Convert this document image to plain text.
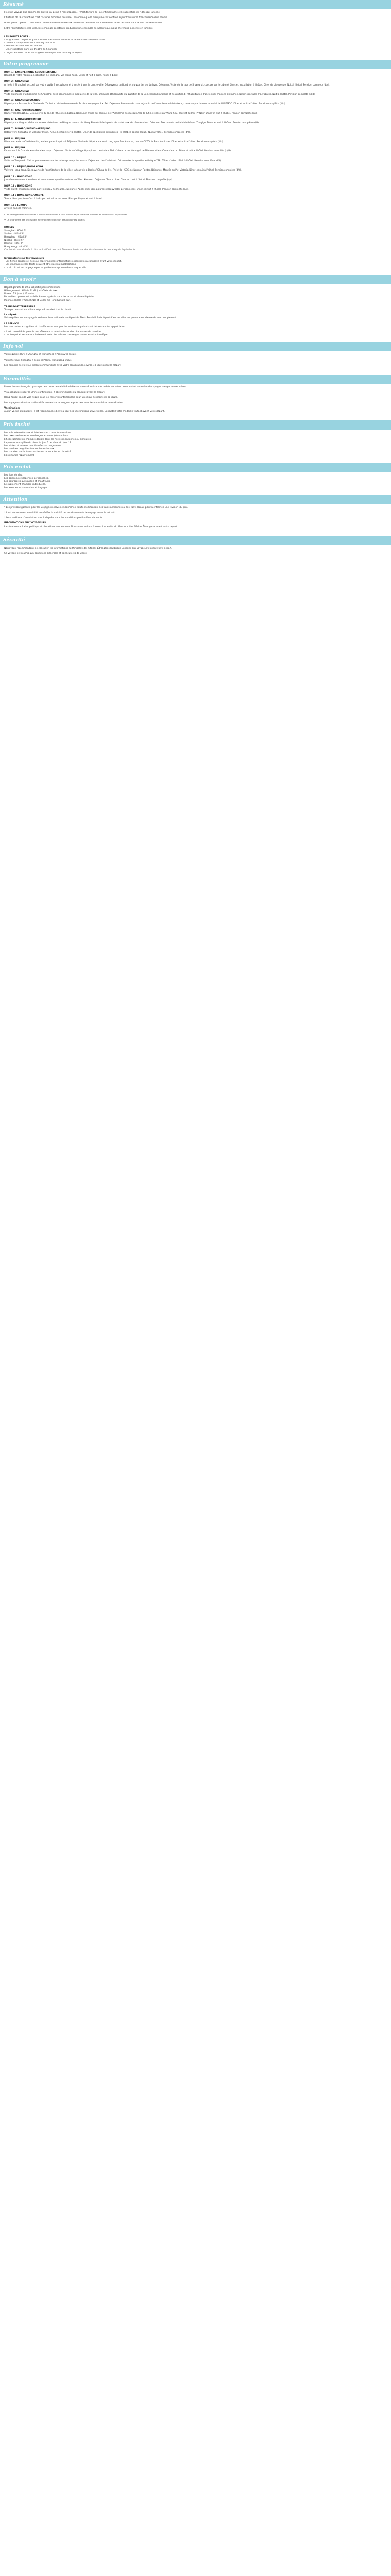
Résumé
Il est un voyage que comme les autres j'ai peine à me proposer... l'Architecture de la sentimentalité et l'élaboration de l'idée qui la fonde.
L'histoire de l'Architecture n'est pas une discipline nouvelle... Il semble que la discipline soit centrée aujourd'hui sur la transmission d'un savoir.
Notre préoccupation... comment l'architecture se réfère aux questions de forme, de mouvement et de l'espace dans la ville contemporaine.
Entre l'architecture et la ville, les échanges constants produisent un ensemble de valeurs que nous cherchons à mettre en lumière.
LES POINTS FORTS :
- Programme complet et ponctué avec des visites de sites et de bâtiments remarquables
- Guides francophones tout au long du circuit
- Rencontres avec des architectes
- Dîner spectacle dans un théâtre de Shanghai
- Dégustation de thé et repas gastronomiques tout au long du séjour
Votre programme
JOUR 1 : EUROPE/HONG KONG/SHANGHAI
Départ de votre région à destination de Shanghai via Hong Kong. Dîner et nuit à bord. Repas à bord.
JOUR 2 : SHANGHAI
Arrivée à Shanghai, accueil par votre guide francophone et transfert vers le centre-ville. Découverte du Bund et du quartier de Lujiazui. Déjeuner. Visite de la tour de Shanghai, conçue par le cabinet Gensler. Installation à l'hôtel. Dîner de bienvenue. Nuit à l'hôtel. Pension complète (d/d).
JOUR 3 : SHANGHAI
Visite du musée d'urbanisme de Shanghai avec son immense maquette de la ville. Déjeuner. Découverte du quartier de la Concession Française et de Xintiandi, réhabilitation d'anciennes maisons shikumen. Dîner spectacle d'acrobates. Nuit à l'hôtel. Pension complète (d/d).
JOUR 4 : SHANGHAI/SUZHOU
Départ pour Suzhou, la « Venise de l'Orient ». Visite du musée de Suzhou conçu par I.M. Pei. Déjeuner. Promenade dans le Jardin de l'Humble Administrateur, classé au patrimoine mondial de l'UNESCO. Dîner et nuit à l'hôtel. Pension complète (d/d).
JOUR 5 : SUZHOU/HANGZHOU
Route vers Hangzhou. Découverte du lac de l'Ouest en bateau. Déjeuner. Visite du campus de l'Académie des Beaux-Arts de Chine réalisé par Wang Shu, lauréat du Prix Pritzker. Dîner et nuit à l'hôtel. Pension complète (d/d).
JOUR 6 : HANGZHOU/NINGBO
Départ pour Ningbo. Visite du musée historique de Ningbo, œuvre de Wang Shu réalisée à partir de matériaux de récupération. Déjeuner. Découverte de la bibliothèque Tianyige. Dîner et nuit à l'hôtel. Pension complète (d/d).
JOUR 7 : NINGBO/SHANGHAI/BEIJING
Retour vers Shanghai et vol pour Pékin. Accueil et transfert à l'hôtel. Dîner de spécialités pékinoises : le célèbre canard laqué. Nuit à l'hôtel. Pension complète (d/d).
JOUR 8 : BEIJING
Découverte de la Cité Interdite, ancien palais impérial. Déjeuner. Visite de l'Opéra national conçu par Paul Andreu, puis du CCTV de Rem Koolhaas. Dîner et nuit à l'hôtel. Pension complète (d/d).
JOUR 9 : BEIJING
Excursion à la Grande Muraille à Mutianyu. Déjeuner. Visite du Village Olympique : le stade « Nid d'oiseau » de Herzog & de Meuron et le « Cube d'eau ». Dîner et nuit à l'hôtel. Pension complète (d/d).
JOUR 10 : BEIJING
Visite du Temple du Ciel et promenade dans les hutongs en cyclo-pousse. Déjeuner chez l'habitant. Découverte du quartier artistique 798. Dîner d'adieu. Nuit à l'hôtel. Pension complète (d/d).
JOUR 11 : BEIJING/HONG KONG
Vol vers Hong Kong. Découverte de l'architecture de la ville : la tour de la Bank of China de I.M. Pei et la HSBC de Norman Foster. Déjeuner. Montée au Pic Victoria. Dîner et nuit à l'hôtel. Pension complète (d/d).
JOUR 12 : HONG KONG
Journée consacrée à Kowloon et au nouveau quartier culturel de West Kowloon. Déjeuner. Temps libre. Dîner et nuit à l'hôtel. Pension complète (d/d).
JOUR 13 : HONG KONG
Visite du M+ Museum conçu par Herzog & de Meuron. Déjeuner. Après-midi libre pour les découvertes personnelles. Dîner et nuit à l'hôtel. Pension complète (d/d).
JOUR 14 : HONG KONG/EUROPE
Temps libre puis transfert à l'aéroport et vol retour vers l'Europe. Repas et nuit à bord.
JOUR 15 : EUROPE
Arrivée dans la matinée.
* Les hébergements mentionnés ci-dessus sont donnés à titre indicatif et peuvent être modifiés en fonction des disponibilités.
** Le programme des visites peut être modifié en fonction des contraintes locales.
HÔTELS
Shanghai : Hôtel 5*
Suzhou : Hôtel 5*
Hangzhou : Hôtel 5*
Ningbo : Hôtel 5*
Beijing : Hôtel 5*
Hong Kong : Hôtel 5*
Ces hôtels sont donnés à titre indicatif et pourront être remplacés par des établissements de catégorie équivalente.
Informations sur les voyageurs
- Les fiches conseils ci-dessous reprennent les informations essentielles à connaître avant votre départ.
- Les itinéraires et les tarifs peuvent être sujets à modifications.
- Le circuit est accompagné par un guide francophone dans chaque ville.
Bon à savoir
Départ garanti de 10 à 18 participants maximum.
Hébergement : Hôtels 5* (NL) et hôtels de luxe.
Durée : 15 jours / 13 nuits.
Formalités : passeport valable 6 mois après la date de retour et visa obligatoire.
Monnaie locale : Yuan (CNY) et Dollar de Hong Kong (HKD).
TRANSPORT TERRESTRE
Transport en autocar climatisé privé pendant tout le circuit.
Le départ
Vols réguliers sur compagnie aérienne internationale au départ de Paris. Possibilité de départ d'autres villes de province sur demande avec supplément.
LE SERVICE
Les pourboires aux guides et chauffeurs ne sont pas inclus dans le prix et sont laissés à votre appréciation.
- Il est conseillé de prévoir des vêtements confortables et des chaussures de marche.
- Les températures varient fortement selon les saisons : renseignez-vous avant votre départ.
Info vol
Vols réguliers Paris / Shanghai et Hong Kong / Paris avec escale.
Vols intérieurs Shanghai / Pékin et Pékin / Hong Kong inclus.
Les horaires de vol vous seront communiqués avec votre convocation environ 10 jours avant le départ.
Formalités
Ressortissants français : passeport en cours de validité valable au moins 6 mois après la date de retour, comportant au moins deux pages vierges consécutives.
Visa obligatoire pour la Chine continentale, à obtenir auprès du consulat avant le départ.
Hong Kong : pas de visa requis pour les ressortissants français pour un séjour de moins de 90 jours.
Les voyageurs d'autres nationalités doivent se renseigner auprès des autorités consulaires compétentes.
Vaccinations
Aucun vaccin obligatoire. Il est recommandé d'être à jour des vaccinations universelles. Consultez votre médecin traitant avant votre départ.
Prix inclut
Les vols internationaux et intérieurs en classe économique.
Les taxes aériennes et surcharge carburant (révisables).
L'hébergement en chambre double dans les hôtels mentionnés ou similaires.
La pension complète du dîner du jour 2 au dîner du jour 13.
Les visites et entrées mentionnées au programme.
Les services de guides francophones locaux.
Les transferts et le transport terrestre en autocar climatisé.
L'assistance rapatriement.
Prix exclut
Les frais de visa.
Les boissons et dépenses personnelles.
Les pourboires aux guides et chauffeurs.
Le supplément chambre individuelle.
Les assurances annulation et bagages.
Attention
* Les prix sont garantis pour les voyages réservés et confirmés. Toute modification des taxes aériennes ou des tarifs locaux pourra entraîner une révision du prix.
* Il est de votre responsabilité de vérifier la validité de vos documents de voyage avant le départ.
* Les conditions d'annulation sont indiquées dans les conditions particulières de vente.
INFORMATIONS AUX VOYAGEURS
La situation sanitaire, politique et climatique peut évoluer. Nous vous invitons à consulter le site du Ministère des Affaires Étrangères avant votre départ.
Sécurité
Nous vous recommandons de consulter les informations du Ministère des Affaires Étrangères (rubrique Conseils aux voyageurs) avant votre départ.
Ce voyage est soumis aux conditions générales et particulières de vente.
